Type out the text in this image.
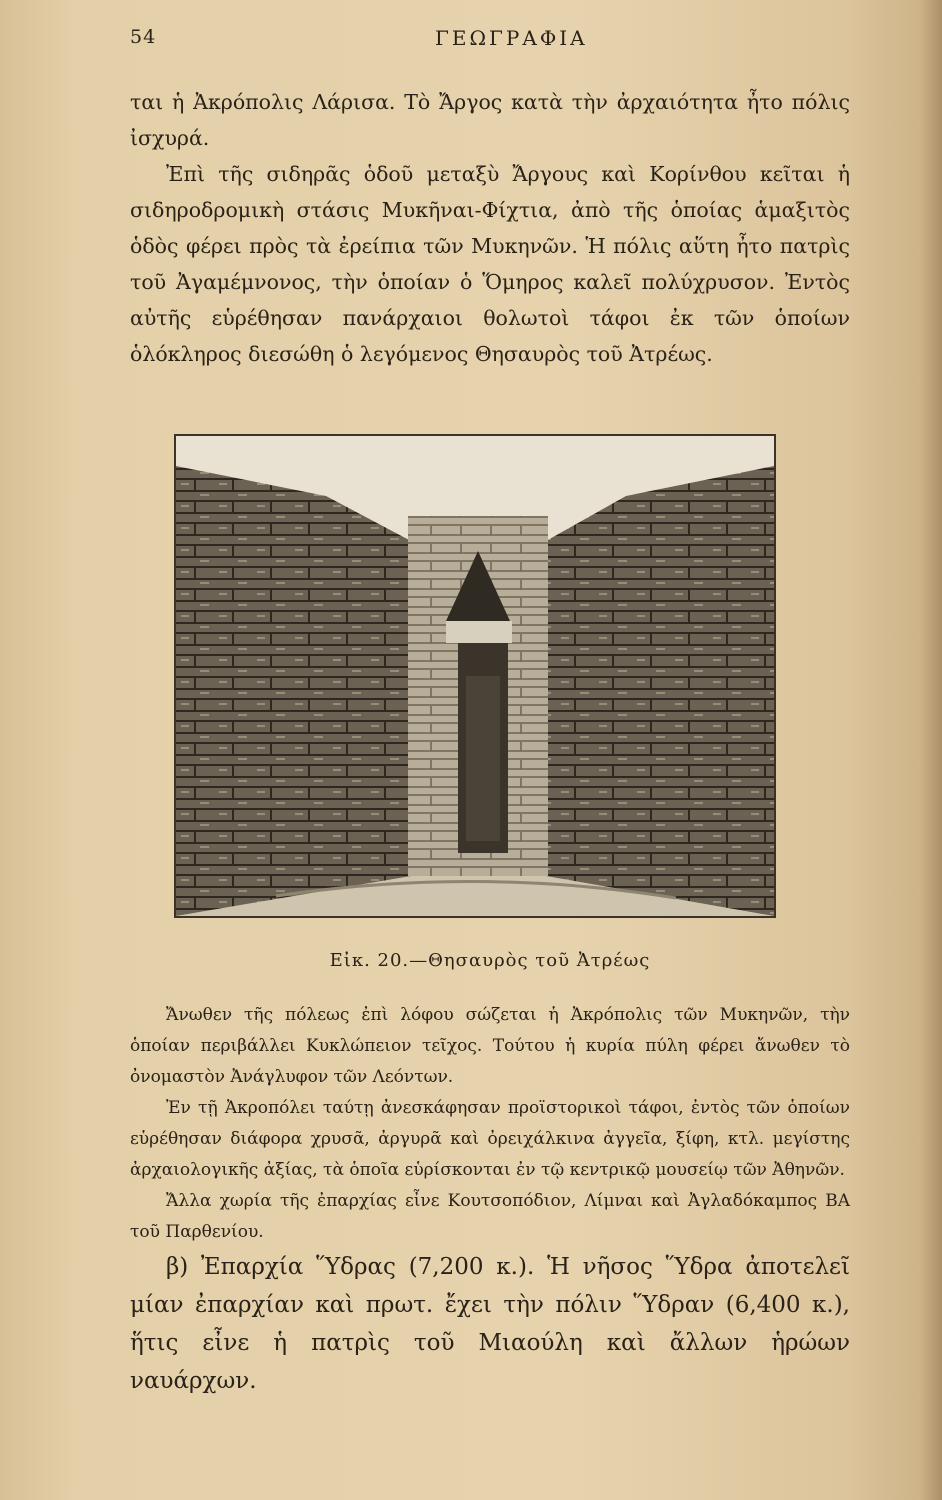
54	ΓΕΩΓΡΑΦΙΑ

ται ἡ Ἀκρόπολις Λάρισα. Τὸ Ἄργος κατὰ τὴν ἀρχαιότητα ἦτο πόλις ἰσχυρά.

Ἐπὶ τῆς σιδηρᾶς ὁδοῦ μεταξὺ Ἄργους καὶ Κορίνθου κεῖται ἡ σιδηροδρομικὴ στάσις Μυκῆναι-Φίχτια, ἀπὸ τῆς ὁποίας ἁμαξιτὸς ὁδὸς φέρει πρὸς τὰ ἐρείπια τῶν Μυκηνῶν. Ἡ πόλις αὕτη ἦτο πατρὶς τοῦ Ἀγαμέμνονος, τὴν ὁποίαν ὁ Ὅμηρος καλεῖ πολύχρυσον. Ἐντὸς αὐτῆς εὑρέθησαν πανάρχαιοι θολωτοὶ τάφοι ἐκ τῶν ὁποίων ὁλόκληρος διεσώθη ὁ λεγόμενος Θησαυρὸς τοῦ Ἀτρέως.

Εἰκ. 20.—Θησαυρὸς τοῦ Ἀτρέως

Ἄνωθεν τῆς πόλεως ἐπὶ λόφου σώζεται ἡ Ἀκρόπολις τῶν Μυκηνῶν, τὴν ὁποίαν περιβάλλει Κυκλώπειον τεῖχος. Τούτου ἡ κυρία πύλη φέρει ἄνωθεν τὸ ὀνομαστὸν Ἀνάγλυφον τῶν Λεόντων.

Ἐν τῇ Ἀκροπόλει ταύτῃ ἀνεσκάφησαν προϊστορικοὶ τάφοι, ἐντὸς τῶν ὁποίων εὑρέθησαν διάφορα χρυσᾶ, ἀργυρᾶ καὶ ὀρειχάλκινα ἀγγεῖα, ξίφη, κτλ. μεγίστης ἀρχαιολογικῆς ἀξίας, τὰ ὁποῖα εὑρίσκονται ἐν τῷ κεντρικῷ μουσείῳ τῶν Ἀθηνῶν.

Ἄλλα χωρία τῆς ἐπαρχίας εἶνε Κουτσοπόδιον, Λίμναι καὶ Ἀγλαδόκαμπος ΒΑ τοῦ Παρθενίου.

β) Ἐπαρχία Ὕδρας (7,200 κ.). Ἡ νῆσος Ὕδρα ἀποτελεῖ μίαν ἐπαρχίαν καὶ πρωτ. ἔχει τὴν πόλιν Ὕδραν (6,400 κ.), ἥτις εἶνε ἡ πατρὶς τοῦ Μιαούλη καὶ ἄλλων ἡρώων ναυάρχων.
